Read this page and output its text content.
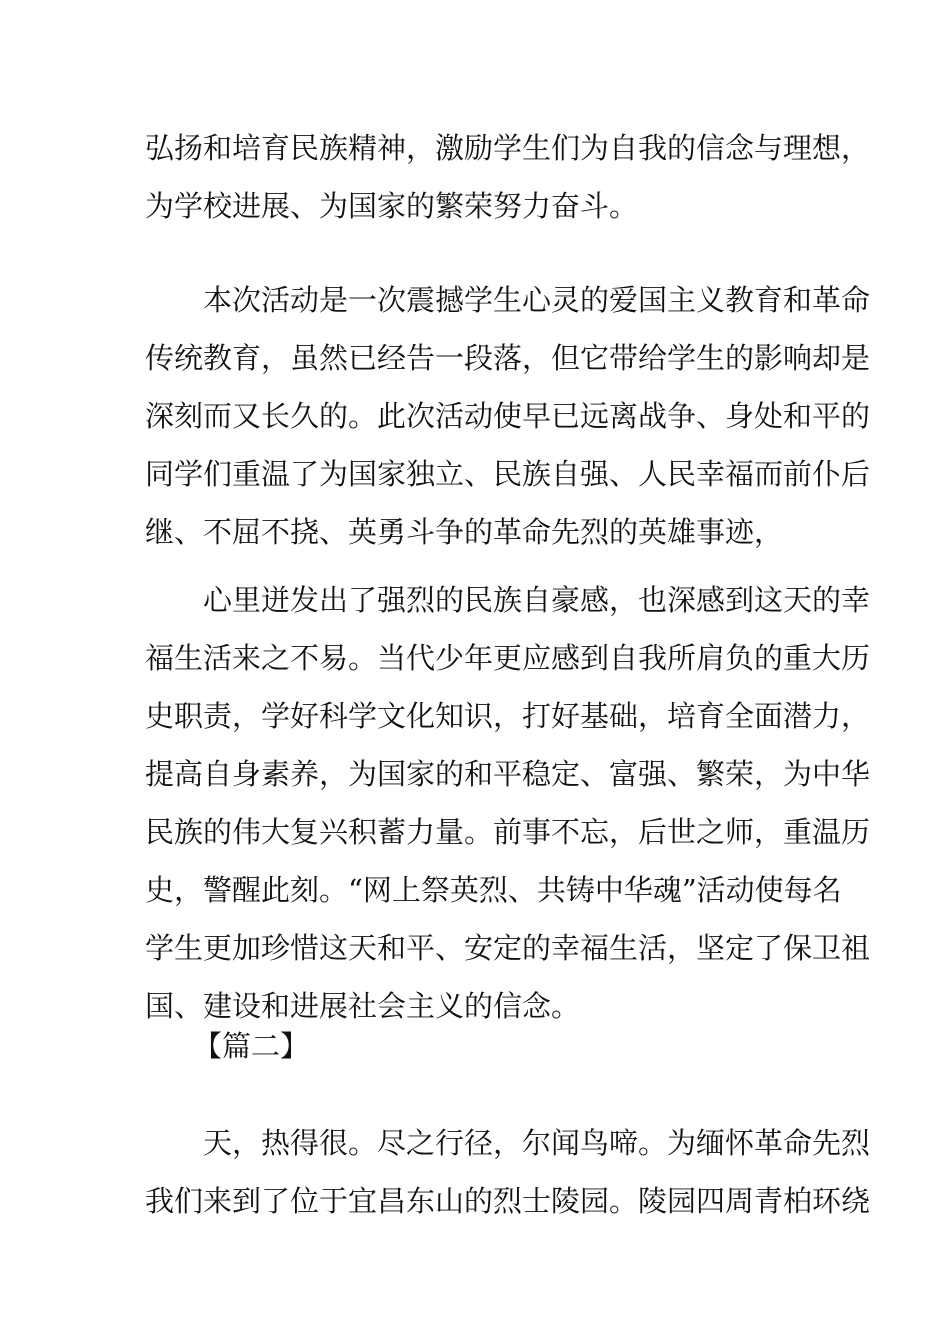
弘扬和培育民族精神，激励学生们为自我的信念与理想，
为学校进展、为国家的繁荣努力奋斗。
　　本次活动是一次震撼学生心灵的爱国主义教育和革命
传统教育，虽然已经告一段落，但它带给学生的影响却是
深刻而又长久的。此次活动使早已远离战争、身处和平的
同学们重温了为国家独立、民族自强、人民幸福而前仆后
继、不屈不挠、英勇斗争的革命先烈的英雄事迹，
　　心里迸发出了强烈的民族自豪感，也深感到这天的幸
福生活来之不易。当代少年更应感到自我所肩负的重大历
史职责，学好科学文化知识，打好基础，培育全面潜力，
提高自身素养，为国家的和平稳定、富强、繁荣，为中华
民族的伟大复兴积蓄力量。前事不忘，后世之师，重温历
史，警醒此刻。“网上祭英烈、共铸中华魂”活动使每名
学生更加珍惜这天和平、安定的幸福生活，坚定了保卫祖
国、建设和进展社会主义的信念。

【篇二】

　　天，热得很。尽之行径，尔闻鸟啼。为缅怀革命先烈
我们来到了位于宜昌东山的烈士陵园。陵园四周青柏环绕
